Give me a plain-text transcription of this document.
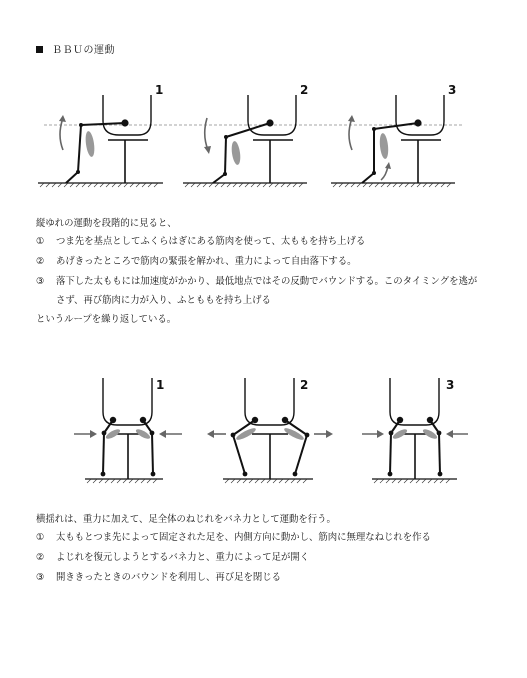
ＢＢＵの運動
1	2	3
縦ゆれの運動を段階的に見ると、
① つま先を基点としてふくらはぎにある筋肉を使って、太ももを持ち上げる
② あげきったところで筋肉の緊張を解かれ、重力によって自由落下する。
③ 落下した太ももには加速度がかかり、最低地点ではその反動でバウンドする。このタイミングを逃が
さず、再び筋肉に力が入り、ふとももを持ち上げる
というループを繰り返している。
1	2	3
横揺れは、重力に加えて、足全体のねじれをバネ力として運動を行う。
① 太ももとつま先によって固定された足を、内側方向に動かし、筋肉に無理なねじれを作る
② よじれを復元しようとするバネ力と、重力によって足が開く
③ 開ききったときのバウンドを利用し、再び足を閉じる
